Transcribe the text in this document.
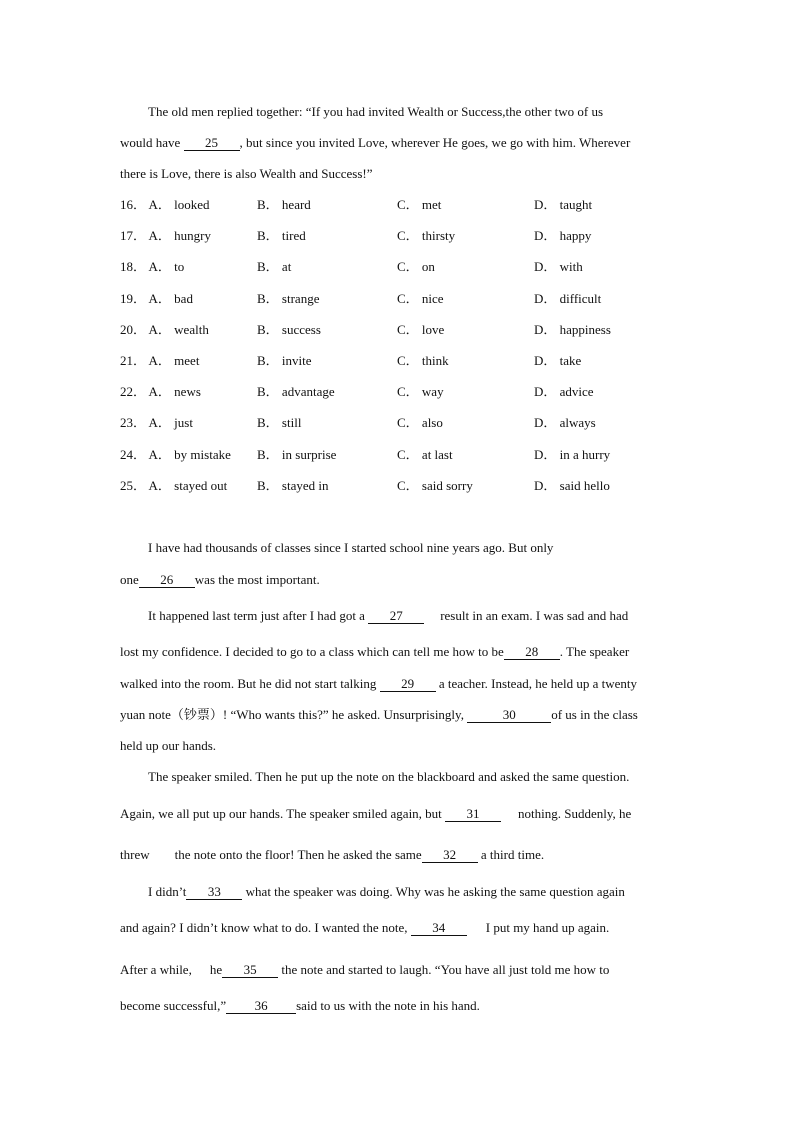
The old men replied together: “If you had invited Wealth or Success,the other two of us
would have 25 , but since you invited Love, wherever He goes, we go with him. Wherever
there is Love, there is also Wealth and Success!”
16． A． looked	B． heard	C． met	D． taught
17． A． hungry	B． tired	C． thirsty	D． happy
18． A． to	B． at	C． on	D． with
19． A． bad	B． strange	C． nice	D． difficult
20． A． wealth	B． success	C． love	D． happiness
21． A． meet	B． invite	C． think	D． take
22． A． news	B． advantage	C． way	D． advice
23． A． just	B． still	C． also	D． always
24． A． by mistake B． in surprise	C． at last	D． in a hurry
25． A． stayed out B． stayed in	C． said sorry	D． said hello
I have had thousands of classes since I started school nine years ago. But only
one 26 was the most important.
It happened last term just after I had got a 27	result in an exam. I was sad and had
lost my confidence. I decided to go to a class which can tell me how to be 28 . The speaker
walked into the room. But he did not start talking 29 a teacher. Instead, he held up a twenty
yuan note（钞票）! “Who wants this?” he asked. Unsurprisingly,	30	of us in the class
held up our hands.
The speaker smiled. Then he put up the note on the blackboard and asked the same question.
Again, we all put up our hands. The speaker smiled again, but 31	nothing. Suddenly, he
threw the note onto the floor! Then he asked the same 32 a third time.
I didn’t 33 what the speaker was doing. Why was he asking the same question again
and again? I didn’t know what to do. I wanted the note, 34	I put my hand up again.
After a while, he 35 the note and started to laugh. “You have all just told me how to
become successful,” 36 said to us with the note in his hand.
